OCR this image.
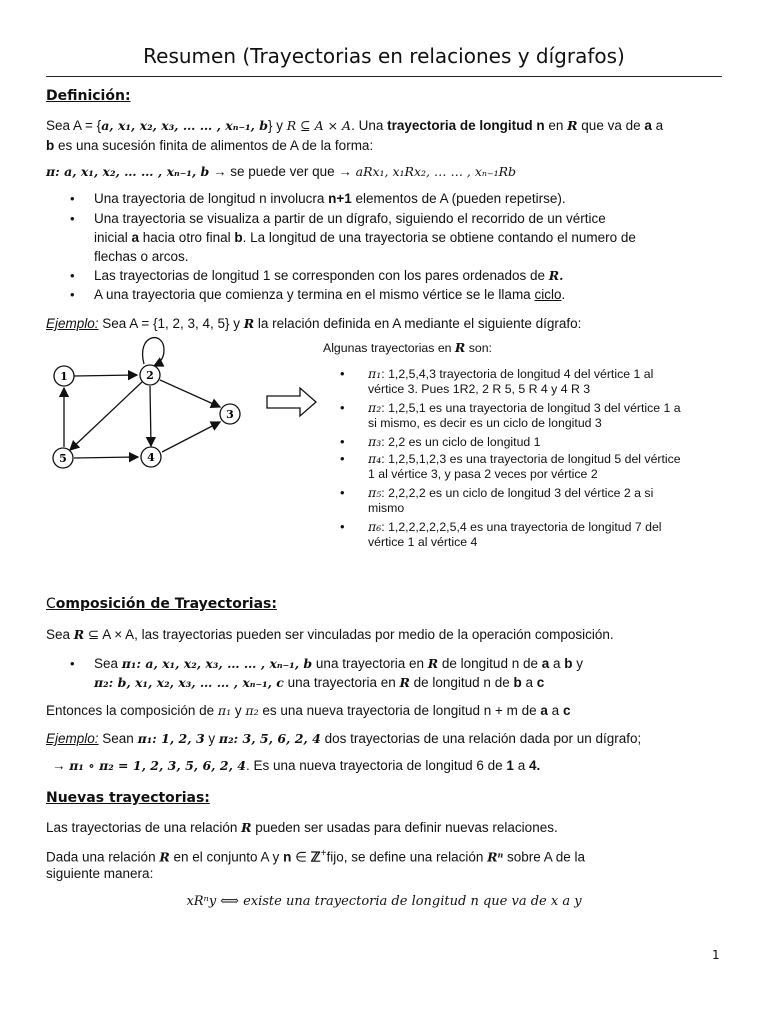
Resumen (Trayectorias en relaciones y dígrafos)
Definición:
Sea A = {a, x₁, x₂, x₃, … … , xₙ₋₁, b} y R ⊆ A × A. Una trayectoria de longitud n en R que va de a a
b es una sucesión finita de alimentos de A de la forma:
π: a, x₁, x₂, … … , xₙ₋₁, b → se puede ver que → aRx₁, x₁Rx₂, … … , xₙ₋₁Rb
• Una trayectoria de longitud n involucra n+1 elementos de A (pueden repetirse).
• Una trayectoria se visualiza a partir de un dígrafo, siguiendo el recorrido de un vértice
inicial a hacia otro final b. La longitud de una trayectoria se obtiene contando el numero de
flechas o arcos.
• Las trayectorias de longitud 1 se corresponden con los pares ordenados de R.
• A una trayectoria que comienza y termina en el mismo vértice se le llama ciclo.
Ejemplo: Sea A = {1, 2, 3, 4, 5} y R la relación definida en A mediante el siguiente dígrafo:
1	2
3
4
5
Algunas trayectorias en R son:
• π₁: 1,2,5,4,3 trayectoria de longitud 4 del vértice 1 al
vértice 3. Pues 1R2, 2 R 5, 5 R 4 y 4 R 3
• π₂: 1,2,5,1 es una trayectoria de longitud 3 del vértice 1 a
si mismo, es decir es un ciclo de longitud 3
• π₃: 2,2 es un ciclo de longitud 1
• π₄: 1,2,5,1,2,3 es una trayectoria de longitud 5 del vértice
1 al vértice 3, y pasa 2 veces por vértice 2
• π₅: 2,2,2,2 es un ciclo de longitud 3 del vértice 2 a si
mismo
• π₆: 1,2,2,2,2,2,5,4 es una trayectoria de longitud 7 del
vértice 1 al vértice 4
Composición de Trayectorias:
Sea R ⊆ A × A, las trayectorias pueden ser vinculadas por medio de la operación composición.
• Sea π₁: a, x₁, x₂, x₃, … … , xₙ₋₁, b una trayectoria en R de longitud n de a a b y
π₂: b, x₁, x₂, x₃, … … , xₙ₋₁, c una trayectoria en R de longitud n de b a c
Entonces la composición de π₁ y π₂ es una nueva trayectoria de longitud n + m de a a c
Ejemplo: Sean π₁: 1, 2, 3 y π₂: 3, 5, 6, 2, 4 dos trayectorias de una relación dada por un dígrafo;
→ π₁ ∘ π₂ = 1, 2, 3, 5, 6, 2, 4. Es una nueva trayectoria de longitud 6 de 1 a 4.
Nuevas trayectorias:
Las trayectorias de una relación R pueden ser usadas para definir nuevas relaciones.
Dada una relación R en el conjunto A y n ∈ ℤ+fijo, se define una relación Rⁿ sobre A de la
siguiente manera:
xRⁿy ⟺ existe una trayectoria de longitud n que va de x a y
1
